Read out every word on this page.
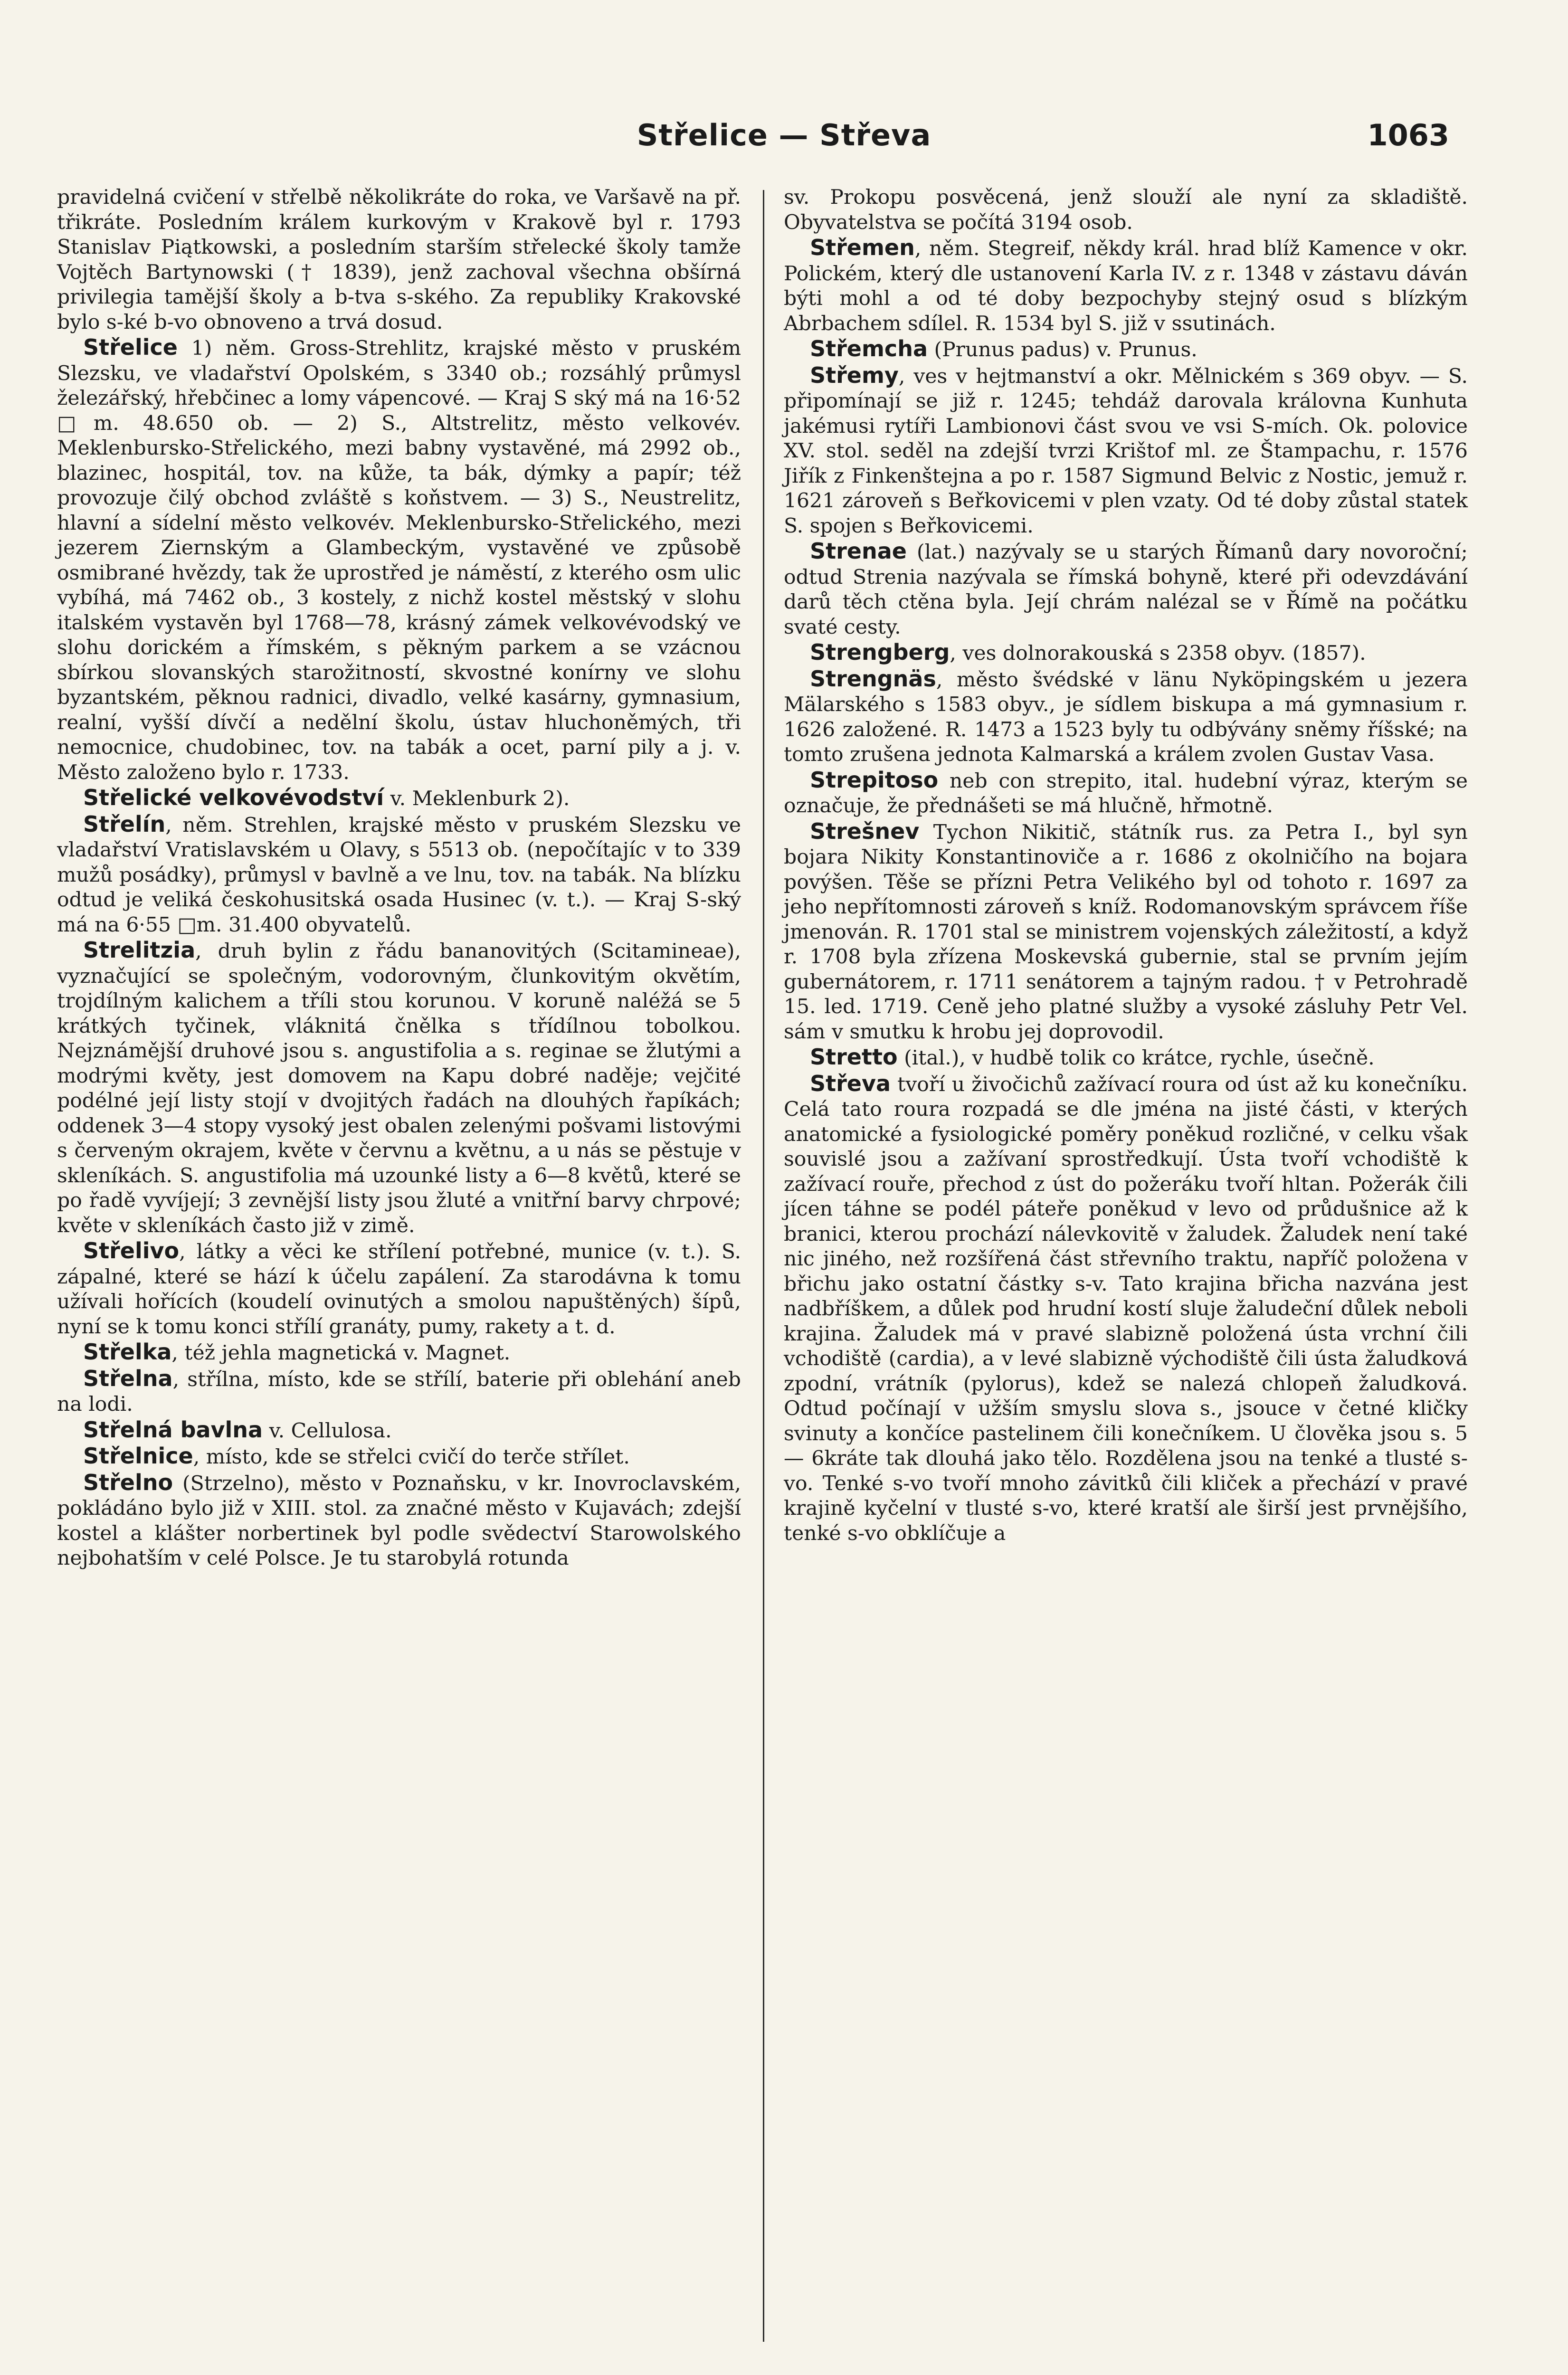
Střelice — Střeva	1063

pravidelná cvičení v střelbě několikráte do roka, ve Varšavě na př. třikráte. Posledním králem kurkovým v Krakově byl r. 1793 Stanislav Piątkowski, a posledním starším střelecké školy tamže Vojtěch Bartynowski († 1839), jenž zachoval všechna obšírná privilegia tamější školy a b-tva s-ského. Za republiky Krakovské bylo s-ké b-vo obnoveno a trvá dosud.

Střelice 1) něm. Gross-Strehlitz, krajské město v pruském Slezsku, ve vladařství Opolském, s 3340 ob.; rozsáhlý průmysl železářský, hřebčinec a lomy vápencové. — Kraj S ský má na 16·52 □m. 48.650 ob. — 2) S., Altstrelitz, město velkovév. Meklenbursko-Střelického, mezi babny vystavěné, má 2992 ob., blazinec, hospitál, tov. na kůže, ta bák, dýmky a papír; též provozuje čilý obchod zvláště s koňstvem. — 3) S., Neustrelitz, hlavní a sídelní město velkovév. Meklenbursko-Střelického, mezi jezerem Ziernským a Glambeckým, vystavěné ve způsobě osmibrané hvězdy, tak že uprostřed je náměstí, z kterého osm ulic vybíhá, má 7462 ob., 3 kostely, z nichž kostel městský v slohu italském vystavěn byl 1768—78, krásný zámek velkovévodský ve slohu dorickém a římském, s pěkným parkem a se vzácnou sbírkou slovanských starožitností, skvostné konírny ve slohu byzantském, pěknou radnici, divadlo, velké kasárny, gymnasium, realní, vyšší dívčí a nedělní školu, ústav hluchoněmých, tři nemocnice, chudobinec, tov. na tabák a ocet, parní pily a j. v. Město založeno bylo r. 1733.

Střelické velkovévodství v. Meklenburk 2).

Střelín, něm. Strehlen, krajské město v pruském Slezsku ve vladařství Vratislavském u Olavy, s 5513 ob. (nepočítajíc v to 339 mužů posádky), průmysl v bavlně a ve lnu, tov. na tabák. Na blízku odtud je veliká českohusitská osada Husinec (v. t.). — Kraj S-ský má na 6·55 □m. 31.400 obyvatelů.

Strelitzia, druh bylin z řádu bananovitých (Scitamineae), vyznačující se společným, vodorovným, člunkovitým okvětím, trojdílným kalichem a tříli stou korunou. V koruně naléžá se 5 krátkých tyčinek, vláknitá čnělka s třídílnou tobolkou. Nejznámější druhové jsou s. angustifolia a s. reginae se žlutými a modrými květy, jest domovem na Kapu dobré naděje; vejčité podélné její listy stojí v dvojitých řadách na dlouhých řapíkách; oddenek 3—4 stopy vysoký jest obalen zelenými pošvami listovými s červeným okrajem, květe v červnu a květnu, a u nás se pěstuje v skleníkách. S. angustifolia má uzounké listy a 6—8 květů, které se po řadě vyvíjejí; 3 zevnější listy jsou žluté a vnitřní barvy chrpové; květe v skleníkách často již v zimě.

Střelivo, látky a věci ke střílení potřebné, munice (v. t.). S. zápalné, které se hází k účelu zapálení. Za starodávna k tomu užívali hořících (koudelí ovinutých a smolou napuštěných) šípů, nyní se k tomu konci střílí granáty, pumy, rakety a t. d.

Střelka, též jehla magnetická v. Magnet.

Střelna, střílna, místo, kde se střílí, baterie při oblehání aneb na lodi.

Střelná bavlna v. Cellulosa.

Střelnice, místo, kde se střelci cvičí do terče střílet.

Střelno (Strzelno), město v Poznaňsku, v kr. Inovroclavském, pokládáno bylo již v XIII. stol. za značné město v Kujavách; zdejší kostel a klášter norbertinek byl podle svědectví Starowolského nejbohatším v celé Polsce. Je tu starobylá rotunda

sv. Prokopu posvěcená, jenž slouží ale nyní za skladiště. Obyvatelstva se počítá 3194 osob.

Střemen, něm. Stegreif, někdy král. hrad blíž Kamence v okr. Polickém, který dle ustanovení Karla IV. z r. 1348 v zástavu dáván býti mohl a od té doby bezpochyby stejný osud s blízkým Abrbachem sdílel. R. 1534 byl S. již v ssutinách.

Střemcha (Prunus padus) v. Prunus.

Střemy, ves v hejtmanství a okr. Mělnickém s 369 obyv. — S. připomínají se již r. 1245; tehdáž darovala královna Kunhuta jakémusi rytíři Lambionovi část svou ve vsi S-mích. Ok. polovice XV. stol. seděl na zdejší tvrzi Krištof ml. ze Štampachu, r. 1576 Jiřík z Finkenštejna a po r. 1587 Sigmund Belvic z Nostic, jemuž r. 1621 zároveň s Beřkovicemi v plen vzaty. Od té doby zůstal statek S. spojen s Beřkovicemi.

Strenae (lat.) nazývaly se u starých Římanů dary novoroční; odtud Strenia nazývala se římská bohyně, které při odevzdávání darů těch ctěna byla. Její chrám nalézal se v Římě na počátku svaté cesty.

Strengberg, ves dolnorakouská s 2358 obyv. (1857).

Strengnäs, město švédské v länu Nyköpingském u jezera Mälarského s 1583 obyv., je sídlem biskupa a má gymnasium r. 1626 založené. R. 1473 a 1523 byly tu odbývány sněmy říšské; na tomto zrušena jednota Kalmarská a králem zvolen Gustav Vasa.

Strepitoso neb con strepito, ital. hudební výraz, kterým se označuje, že přednášeti se má hlučně, hřmotně.

Strešnev Tychon Nikitič, státník rus. za Petra I., byl syn bojara Nikity Konstantinoviče a r. 1686 z okolničího na bojara povýšen. Těše se přízni Petra Velikého byl od tohoto r. 1697 za jeho nepřítomnosti zároveň s kníž. Rodomanovským správcem říše jmenován. R. 1701 stal se ministrem vojenských záležitostí, a když r. 1708 byla zřízena Moskevská gubernie, stal se prvním jejím gubernátorem, r. 1711 senátorem a tajným radou. † v Petrohradě 15. led. 1719. Ceně jeho platné služby a vysoké zásluhy Petr Vel. sám v smutku k hrobu jej doprovodil.

Stretto (ital.), v hudbě tolik co krátce, rychle, úsečně.

Střeva tvoří u živočichů zažívací roura od úst až ku konečníku. Celá tato roura rozpadá se dle jména na jisté části, v kterých anatomické a fysiologické poměry poněkud rozličné, v celku však souvislé jsou a zažívaní sprostředkují. Ústa tvoří vchodiště k zažívací rouře, přechod z úst do požeráku tvoří hltan. Požerák čili jícen táhne se podél páteře poněkud v levo od průdušnice až k branici, kterou prochází nálevkovitě v žaludek. Žaludek není také nic jiného, než rozšířená část střevního traktu, napříč položena v břichu jako ostatní částky s-v. Tato krajina břicha nazvána jest nadbříškem, a důlek pod hrudní kostí sluje žaludeční důlek neboli krajina. Žaludek má v pravé slabizně položená ústa vrchní čili vchodiště (cardia), a v levé slabizně východiště čili ústa žaludková zpodní, vrátník (pylorus), kdež se nalezá chlopeň žaludková. Odtud počínají v užším smyslu slova s., jsouce v četné kličky svinuty a končíce pastelinem čili konečníkem. U člověka jsou s. 5 — 6kráte tak dlouhá jako tělo. Rozdělena jsou na tenké a tlusté s-vo. Tenké s-vo tvoří mnoho závitků čili kliček a přechází v pravé krajině kyčelní v tlusté s-vo, které kratší ale širší jest prvnějšího, tenké s-vo obklíčuje a
